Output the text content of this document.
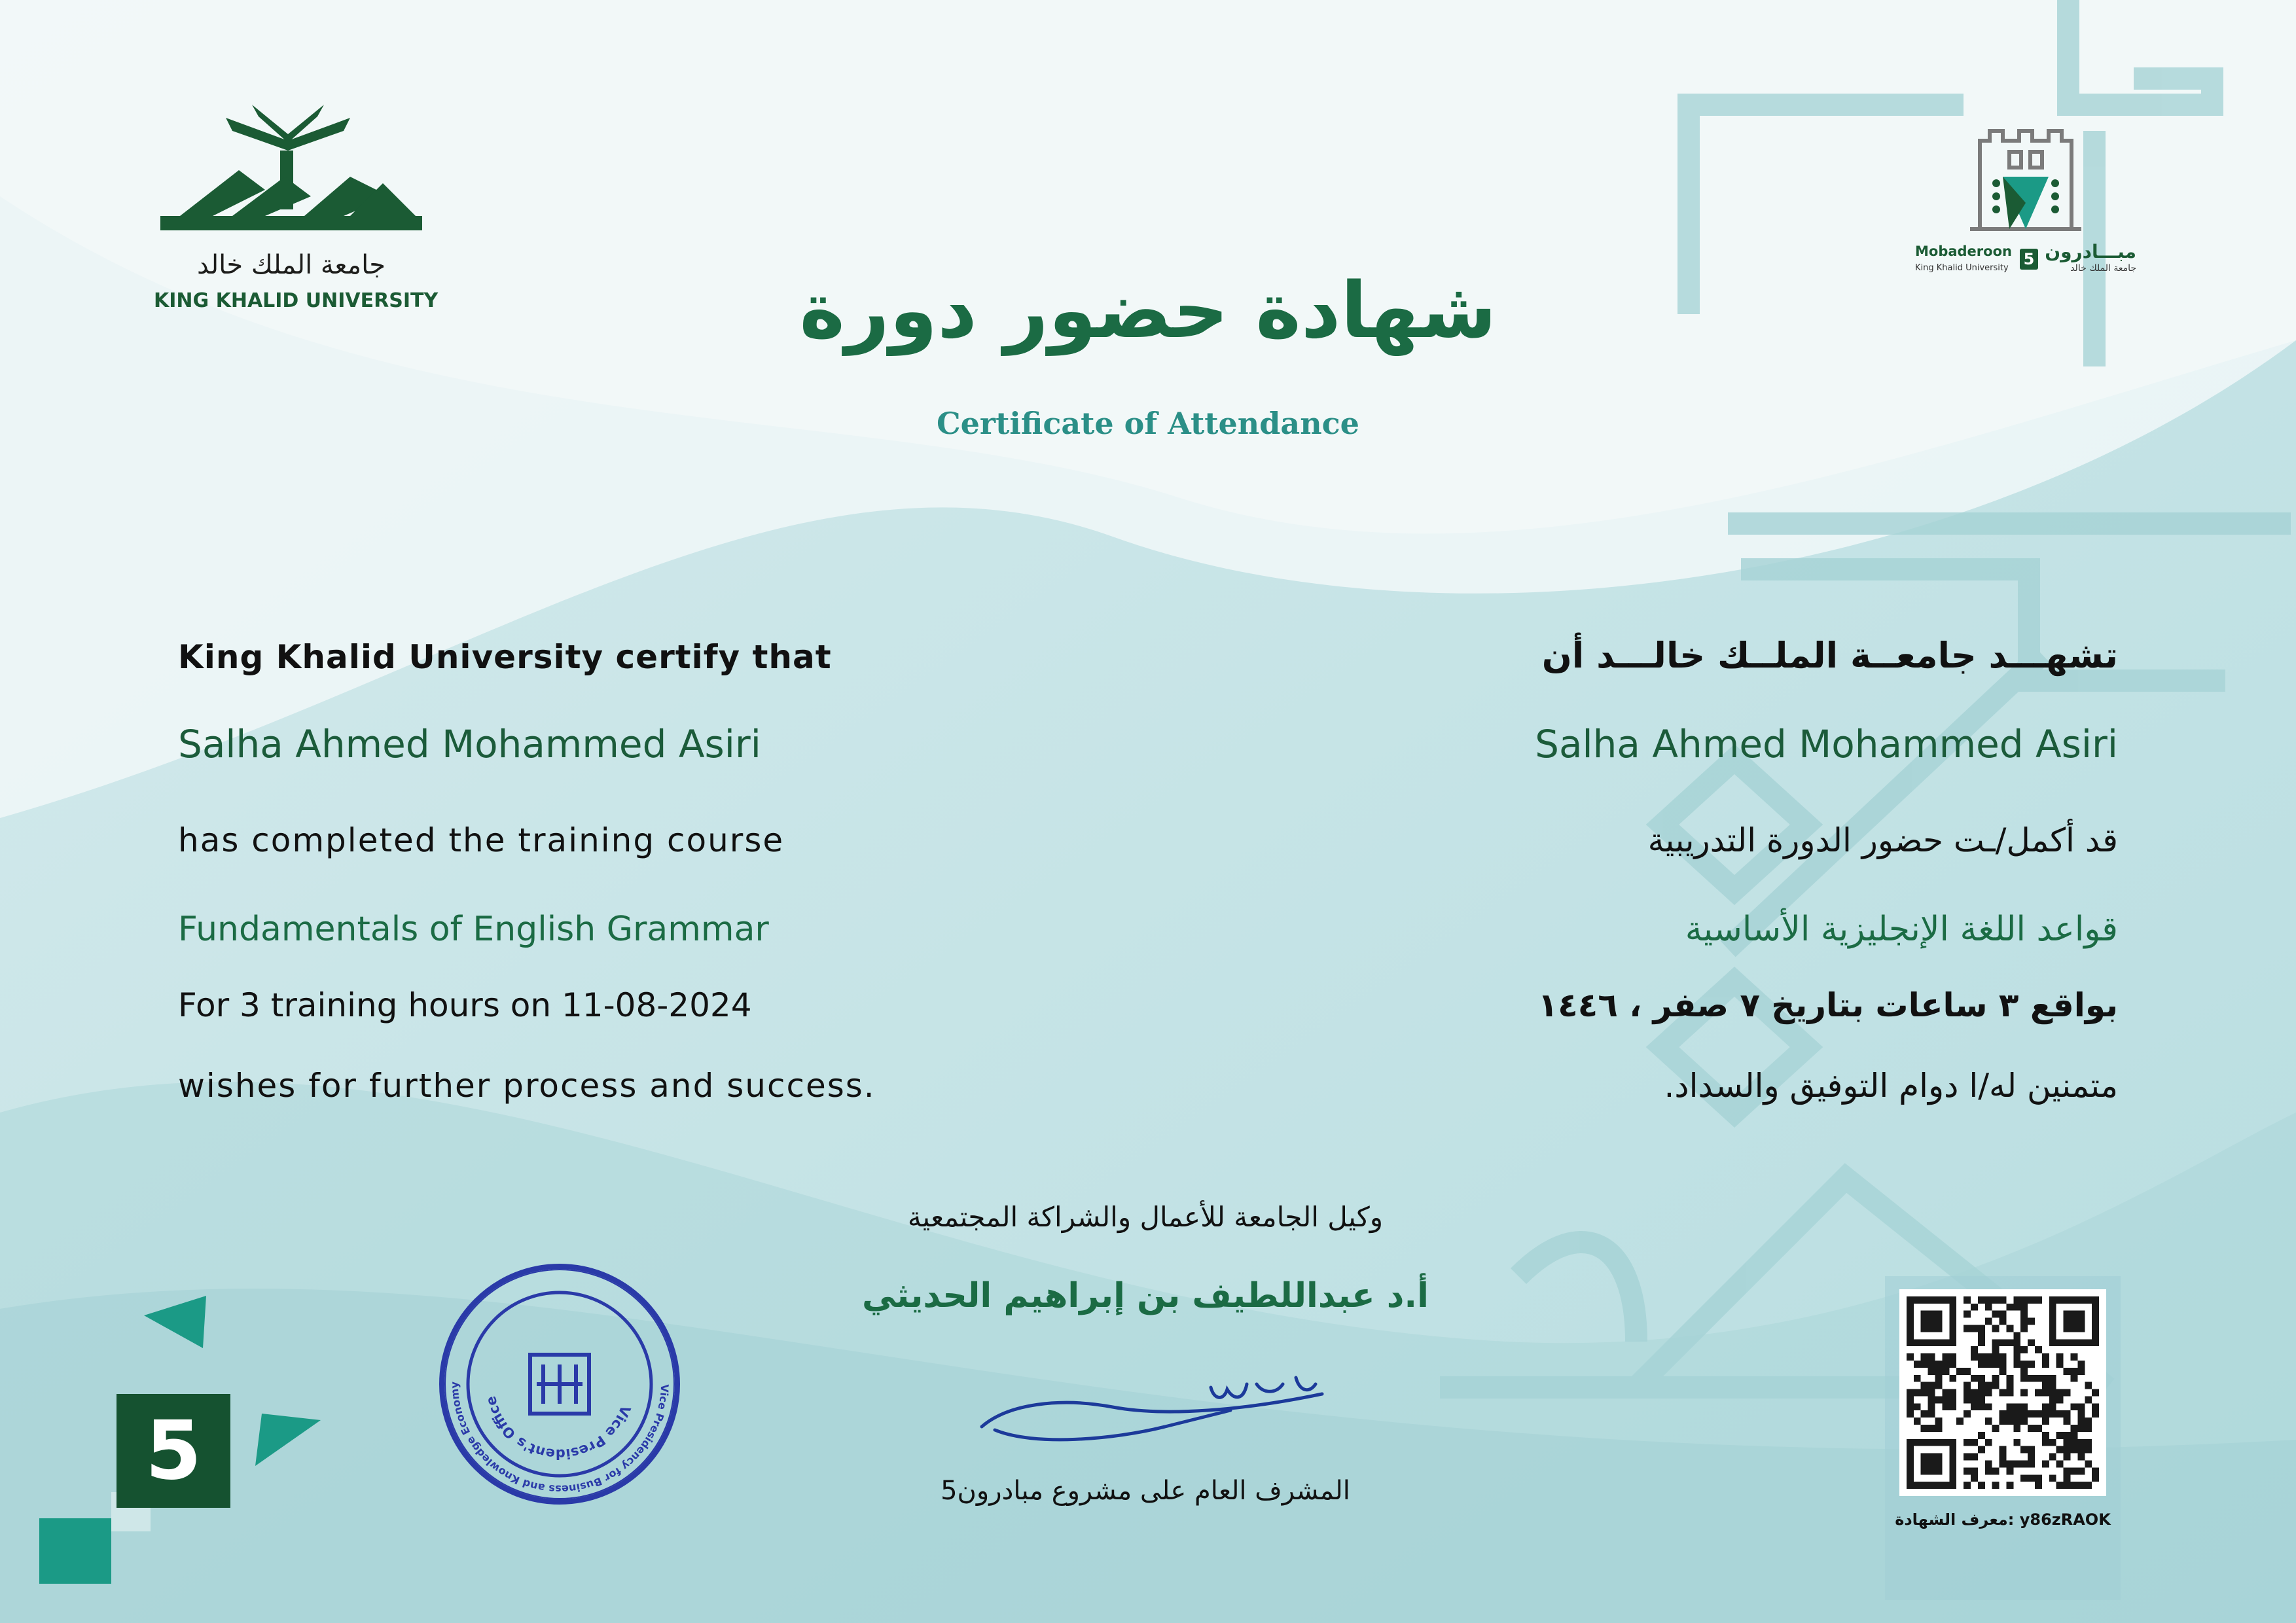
جامعة الملك خالد
KING KHALID UNIVERSITY
Mobaderoon
King Khalid University 5 مبـــادرون
جامعة الملك خالد
شهادة حضور دورة
Certificate of Attendance
King Khalid University certify that
Salha Ahmed Mohammed Asiri
has completed the training course
Fundamentals of English Grammar
For 3 training hours on 11-08-2024
wishes for further process and success.
تشهـــد جامعــة الملــك خالـــد أن
Salha Ahmed Mohammed Asiri
قد أكمل/ـت حضور الدورة التدريبية
قواعد اللغة الإنجليزية الأساسية
بواقع ٣ ساعات بتاريخ ٧ صفر ، ١٤٤٦
متمنين له/ا دوام التوفيق والسداد.
وكيل الجامعة للأعمال والشراكة المجتمعية
أ.د عبداللطيف بن إبراهيم الحديثي
المشرف العام على مشروع مبادرون5
Vice President's Office
Vice Presidency for Business and Knowledge Economy
5
معرف الشهادة: y86zRAOK
